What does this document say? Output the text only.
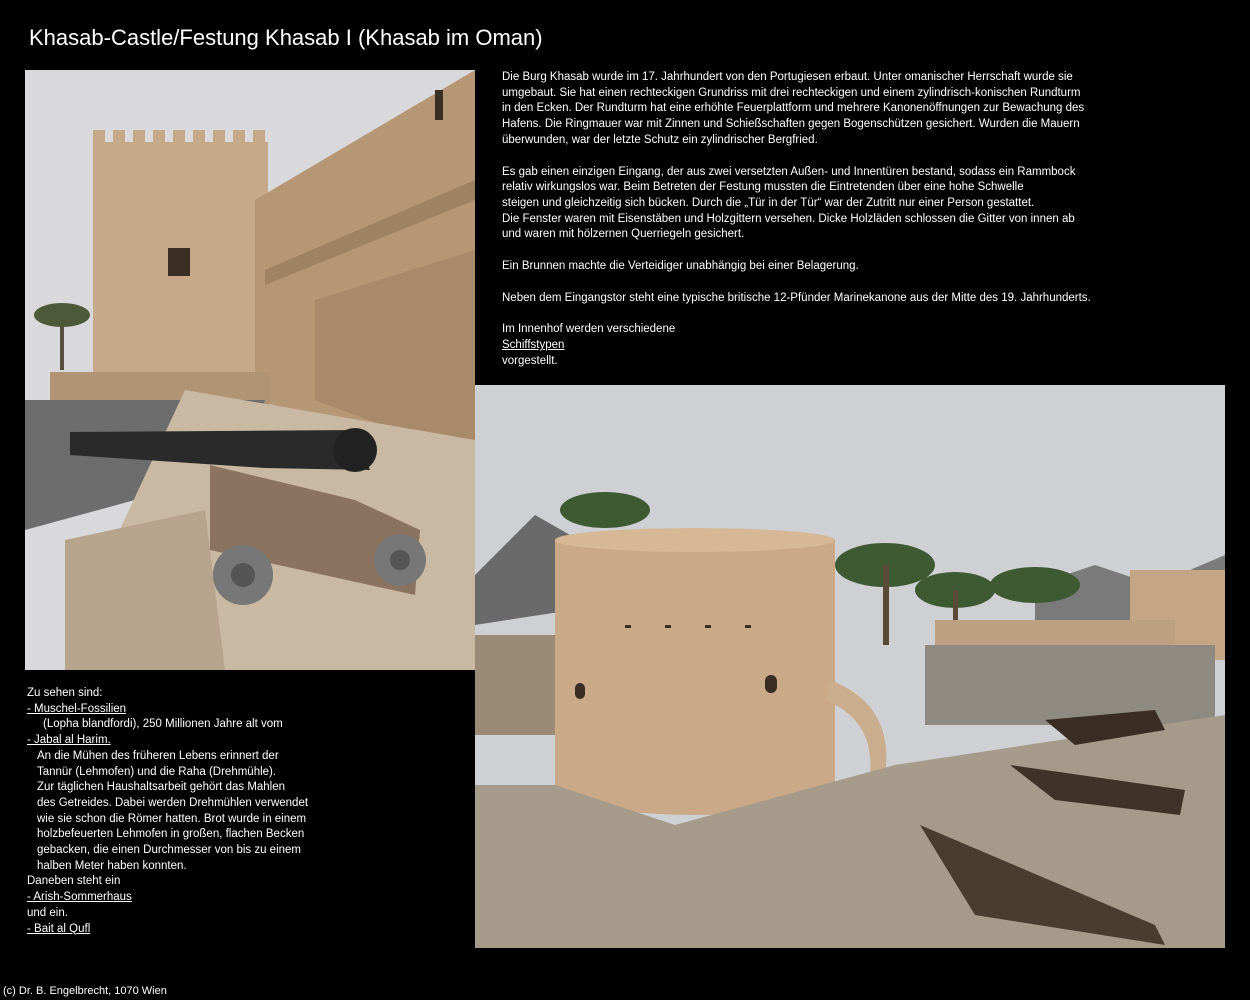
Khasab-Castle/Festung Khasab I (Khasab im Oman)

Die Burg Khasab wurde im 17. Jahrhundert von den Portugiesen erbaut. Unter omanischer Herrschaft wurde sie
umgebaut. Sie hat einen rechteckigen Grundriss mit drei rechteckigen und einem zylindrisch-konischen Rundturm
in den Ecken. Der Rundturm hat eine erhöhte Feuerplattform und mehrere Kanonenöffnungen zur Bewachung des
Hafens. Die Ringmauer war mit Zinnen und Schießschaften gegen Bogenschützen gesichert. Wurden die Mauern
überwunden, war der letzte Schutz ein zylindrischer Bergfried.

Es gab einen einzigen Eingang, der aus zwei versetzten Außen- und Innentüren bestand, sodass ein Rammbock
relativ wirkungslos war. Beim Betreten der Festung mussten die Eintretenden über eine hohe Schwelle
steigen und gleichzeitig sich bücken. Durch die „Tür in der Tür“ war der Zutritt nur einer Person gestattet.
Die Fenster waren mit Eisenstäben und Holzgittern versehen. Dicke Holzläden schlossen die Gitter von innen ab
und waren mit hölzernen Querriegeln gesichert.

Ein Brunnen machte die Verteidiger unabhängig bei einer Belagerung.

Neben dem Eingangstor steht eine typische britische 12-Pfünder Marinekanone aus der Mitte des 19. Jahrhunderts.

Im Innenhof werden verschiedene
Schiffstypen
vorgestellt.

Zu sehen sind:
- Muschel-Fossilien
(Lopha blandfordi), 250 Millionen Jahre alt vom
- Jabal al Harim.
An die Mühen des früheren Lebens erinnert der
Tannür (Lehmofen) und die Raha (Drehmühle).
Zur täglichen Haushaltsarbeit gehört das Mahlen
des Getreides. Dabei werden Drehmühlen verwendet
wie sie schon die Römer hatten. Brot wurde in einem
holzbefeuerten Lehmofen in großen, flachen Becken
gebacken, die einen Durchmesser von bis zu einem
halben Meter haben konnten.
Daneben steht ein
- Arish-Sommerhaus
und ein.
- Bait al Qufl
(c) Dr. B. Engelbrecht, 1070 Wien
